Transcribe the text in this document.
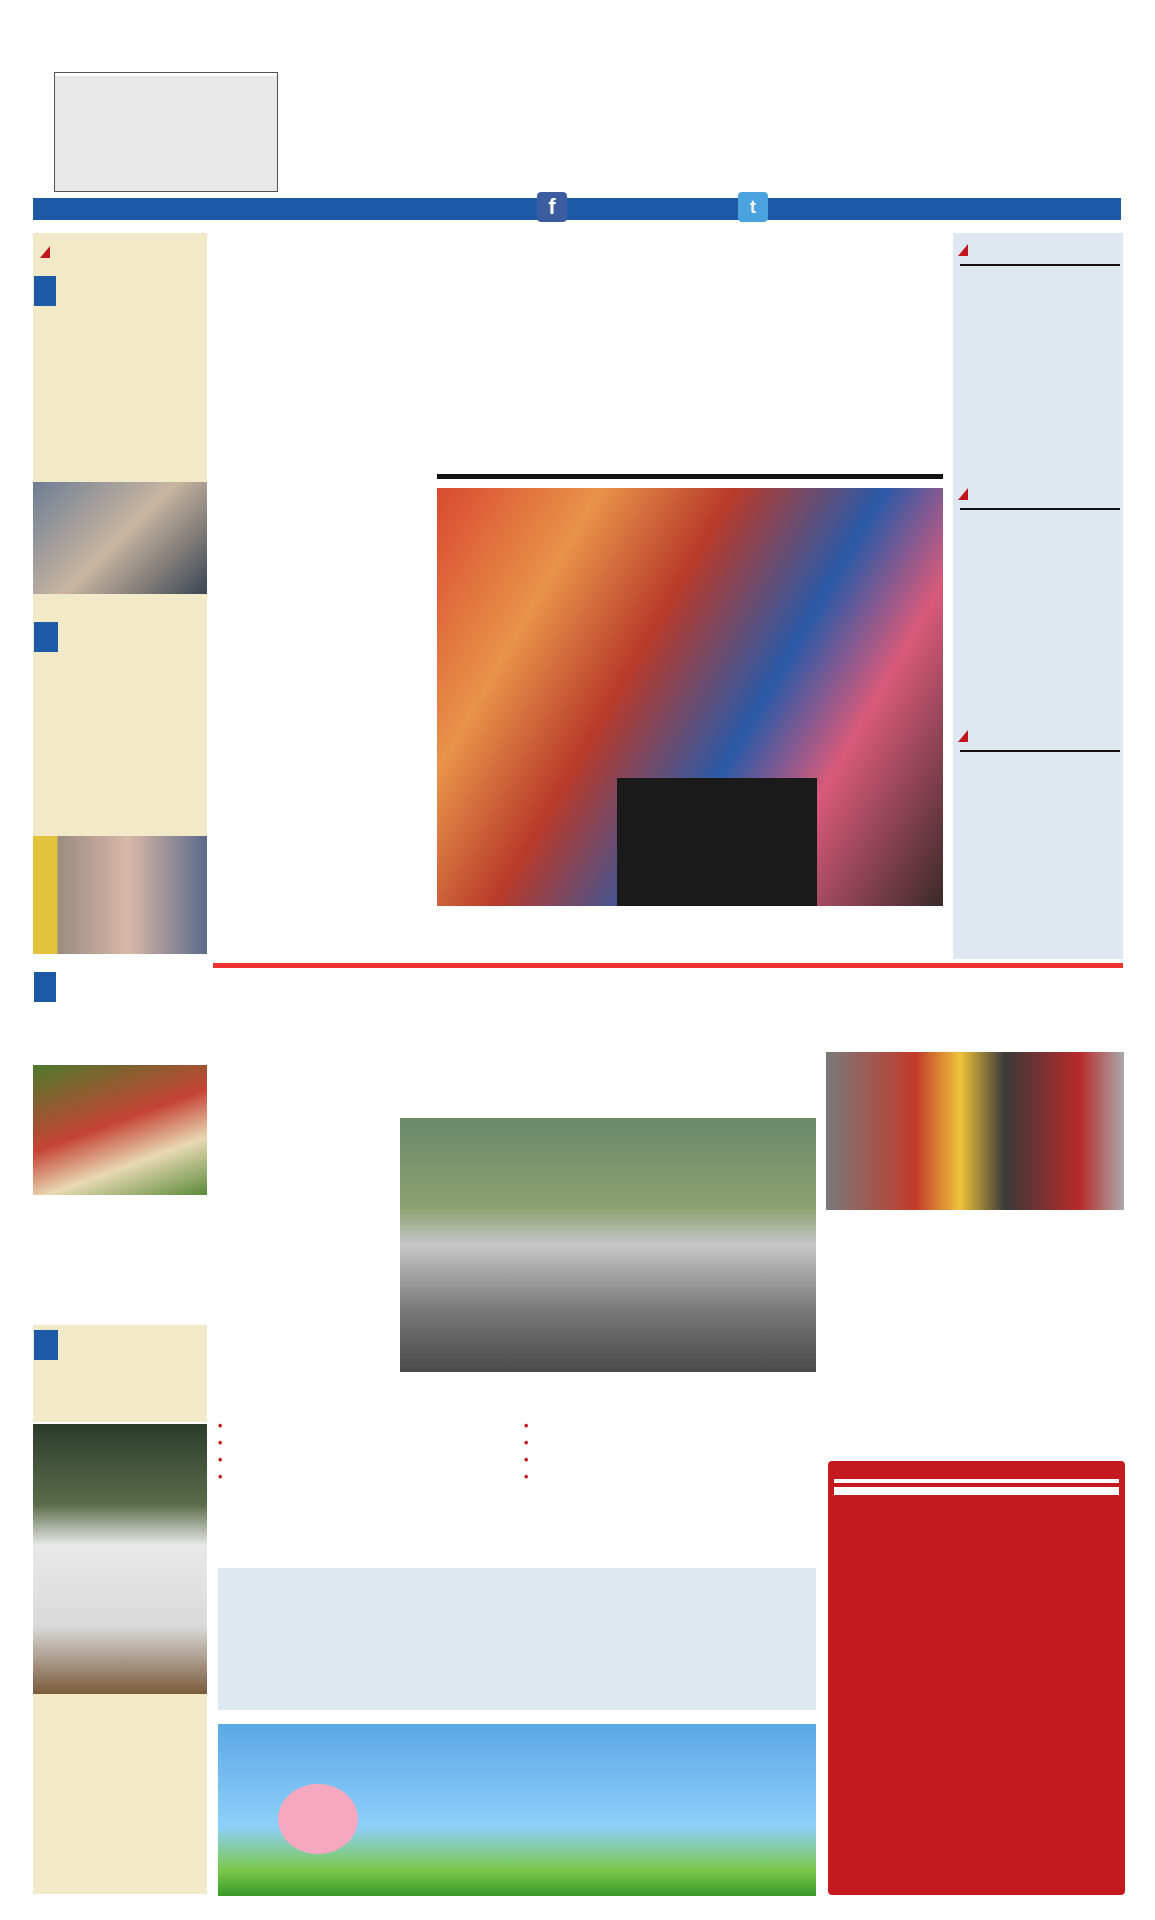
f	t
•
•
•
•
•
•
•
•
